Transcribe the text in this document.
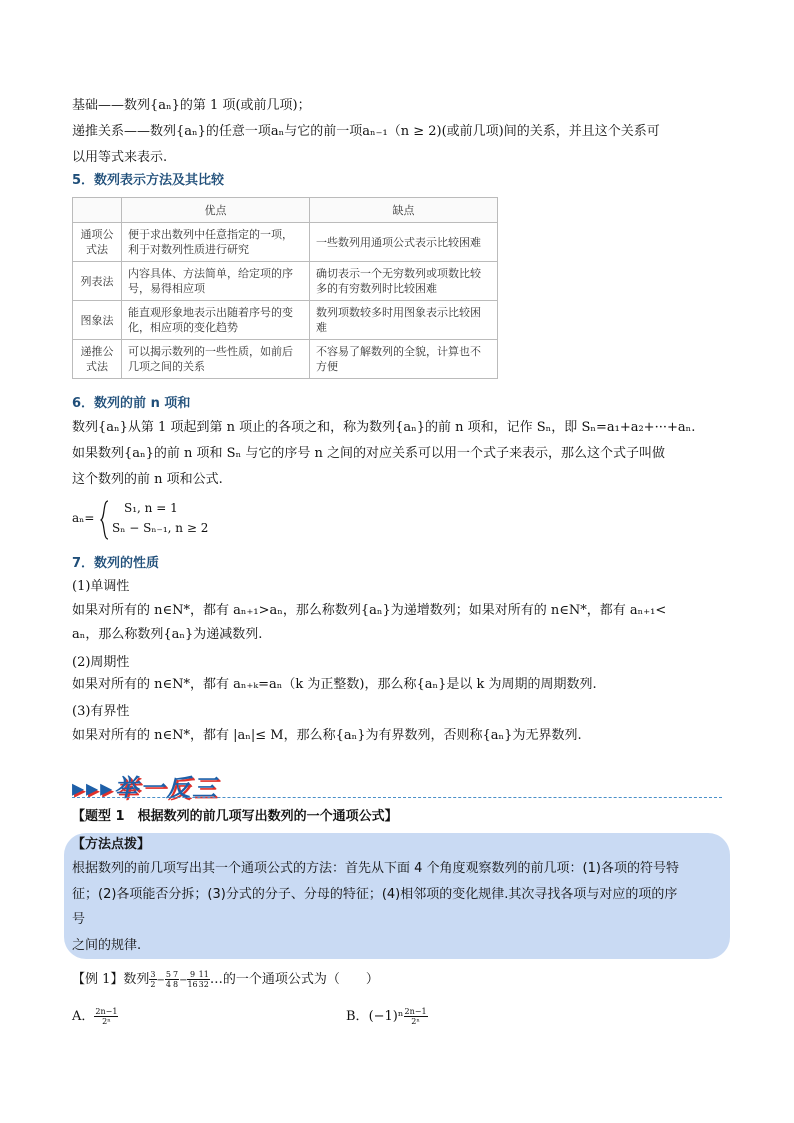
基础——数列{aₙ}的第 1 项(或前几项)；
递推关系——数列{aₙ}的任意一项aₙ与它的前一项aₙ₋₁（n ≥ 2)(或前几项)间的关系，并且这个关系可
以用等式来表示.
5．数列表示方法及其比较
	优点	缺点
通项公式法	便于求出数列中任意指定的一项，利于对数列性质进行研究	一些数列用通项公式表示比较困难
列表法	内容具体、方法简单，给定项的序号，易得相应项	确切表示一个无穷数列或项数比较多的有穷数列时比较困难
图象法	能直观形象地表示出随着序号的变化，相应项的变化趋势	数列项数较多时用图象表示比较困难
递推公式法	可以揭示数列的一些性质，如前后几项之间的关系	不容易了解数列的全貌，计算也不方便
6．数列的前 n 项和
数列{aₙ}从第 1 项起到第 n 项止的各项之和，称为数列{aₙ}的前 n 项和，记作 Sₙ，即 Sₙ=a₁+a₂+···+aₙ.
如果数列{aₙ}的前 n 项和 Sₙ 与它的序号 n 之间的对应关系可以用一个式子来表示，那么这个式子叫做
这个数列的前 n 项和公式.
aₙ=
S₁, n = 1
Sₙ − Sₙ₋₁, n ≥ 2
7．数列的性质
(1)单调性
如果对所有的 n∈N*，都有 aₙ₊₁>aₙ，那么称数列{aₙ}为递增数列；如果对所有的 n∈N*，都有 aₙ₊₁<
aₙ，那么称数列{aₙ}为递减数列.
(2)周期性
如果对所有的 n∈N*，都有 aₙ₊ₖ=aₙ（k 为正整数)，那么称{aₙ}是以 k 为周期的周期数列.
(3)有界性
如果对所有的 n∈N*，都有 |aₙ|≤ M，那么称{aₙ}为有界数列，否则称{aₙ}为无界数列.
▸▸▸举一反三
【题型 1　根据数列的前几项写出数列的一个通项公式】
【方法点拨】
根据数列的前几项写出其一个通项公式的方法：首先从下面 4 个角度观察数列的前几项：(1)各项的符号特
征；(2)各项能否分拆；(3)分式的分子、分母的特征；(4)相邻项的变化规律.其次寻找各项与对应的项的序
号
之间的规律.
【例 1】数列 $\frac{3}{2} - \frac{5}{4} \frac{7}{8} - \frac{9}{16} \frac{11}{32}$ …的一个通项公式为（　　）
A． $\frac{2n-1}{\text{2ⁿ}}$	B．$(-1)^n \frac{2n-1}{\text{2ⁿ}}$
